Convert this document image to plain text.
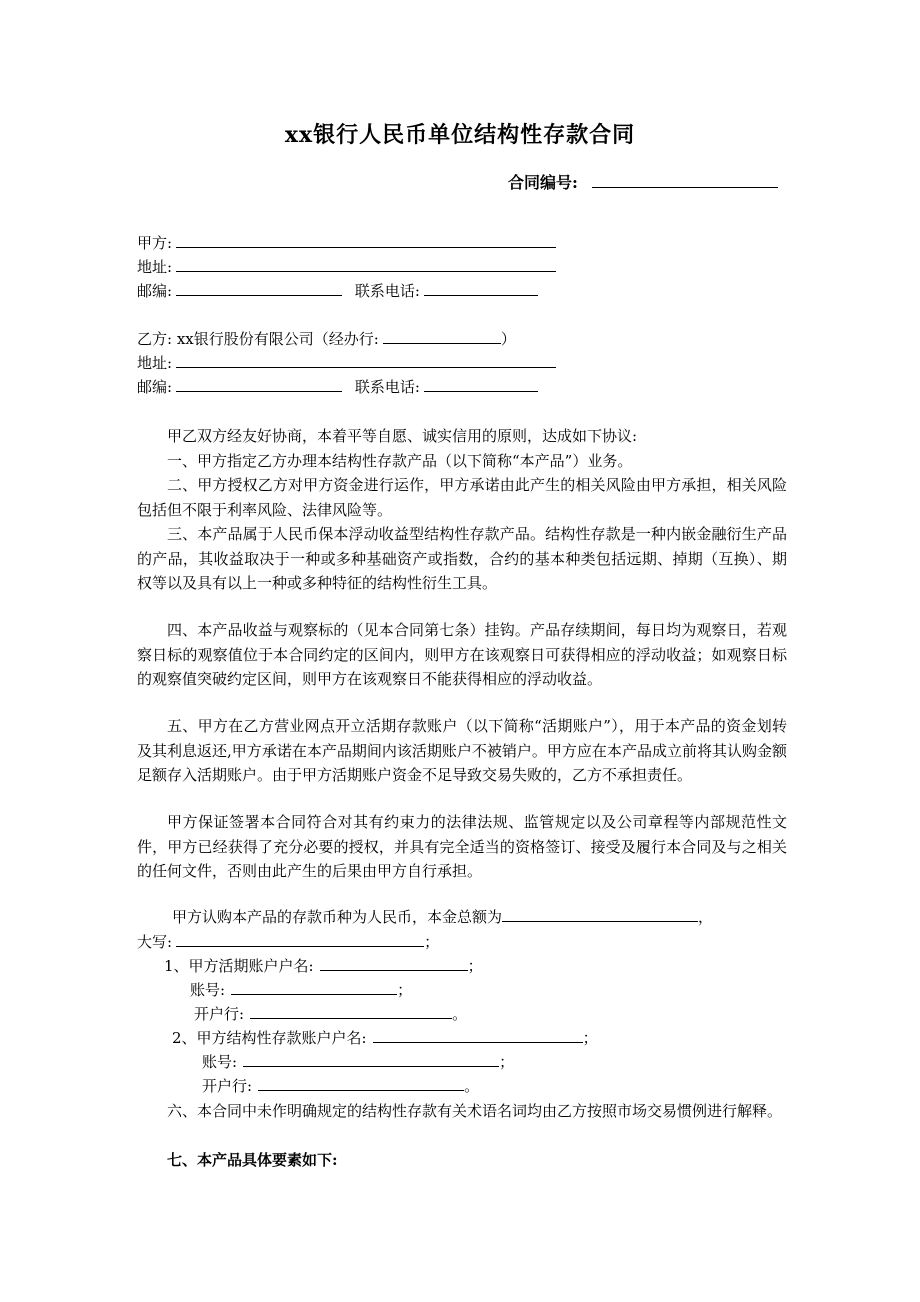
xx银行人民币单位结构性存款合同
合同编号:
甲方:
地址:
邮编:	联系电话:
乙方: xx银行股份有限公司（经办行:	）
地址:
邮编:	联系电话:

甲乙双方经友好协商，本着平等自愿、诚实信用的原则，达成如下协议:

一、甲方指定乙方办理本结构性存款产品（以下简称“本产品”）业务。

二、甲方授权乙方对甲方资金进行运作，甲方承诺由此产生的相关风险由甲方承担，相关风险包括但不限于利率风险、法律风险等。

三、本产品属于人民币保本浮动收益型结构性存款产品。结构性存款是一种内嵌金融衍生产品的产品，其收益取决于一种或多种基础资产或指数，合约的基本种类包括远期、掉期（互换）、期权等以及具有以上一种或多种特征的结构性衍生工具。

四、本产品收益与观察标的（见本合同第七条）挂钩。产品存续期间，每日均为观察日，若观察日标的观察值位于本合同约定的区间内，则甲方在该观察日可获得相应的浮动收益；如观察日标的观察值突破约定区间，则甲方在该观察日不能获得相应的浮动收益。

五、甲方在乙方营业网点开立活期存款账户（以下简称“活期账户”），用于本产品的资金划转及其利息返还,甲方承诺在本产品期间内该活期账户不被销户。甲方应在本产品成立前将其认购金额足额存入活期账户。由于甲方活期账户资金不足导致交易失败的，乙方不承担责任。

甲方保证签署本合同符合对其有约束力的法律法规、监管规定以及公司章程等内部规范性文件，甲方已经获得了充分必要的授权，并具有完全适当的资格签订、接受及履行本合同及与之相关的任何文件，否则由此产生的后果由甲方自行承担。

甲方认购本产品的存款币种为人民币，本金总额为	，
大写:	；
1、甲方活期账户户名:	；
账号:	；
开户行:	。
2、甲方结构性存款账户户名:	；
账号:	；
开户行:	。

六、本合同中未作明确规定的结构性存款有关术语名词均由乙方按照市场交易惯例进行解释。

七、本产品具体要素如下:
